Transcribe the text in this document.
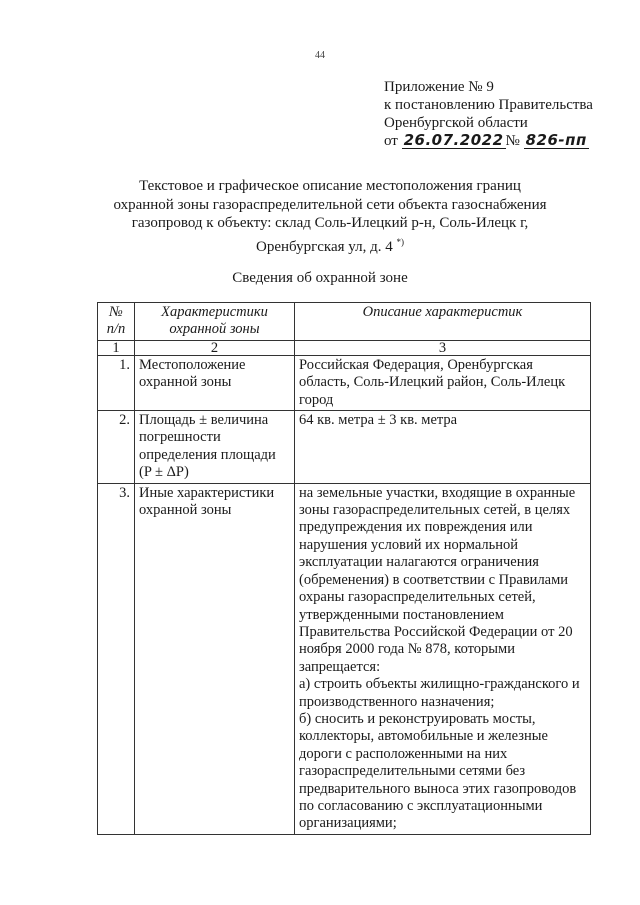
44
Приложение № 9
к постановлению Правительства
Оренбургской области
от 26.07.2022 № 826-пп
Текстовое и графическое описание местоположения границ
охранной зоны газораспределительной сети объекта газоснабжения
газопровод к объекту: склад Соль-Илецкий р-н, Соль-Илецк г,
Оренбургская ул, д. 4 *)
Сведения об охранной зоне
№ п/п	Характеристики охранной зоны	Описание характеристик
1	2	3
1.	Местоположение охранной зоны	Российская Федерация, Оренбургская область, Соль-Илецкий район, Соль-Илецк город
2.	Площадь ± величина погрешности определения площади (P ± ΔP)	64 кв. метра ± 3 кв. метра
3.	Иные характеристики охранной зоны	на земельные участки, входящие в охранные зоны газораспределительных сетей, в целях предупреждения их повреждения или нарушения условий их нормальной эксплуатации налагаются ограничения (обременения) в соответствии с Правилами охраны газораспределительных сетей, утвержденными постановлением Правительства Российской Федерации от 20 ноября 2000 года № 878, которыми запрещается:
а) строить объекты жилищно-гражданского и производственного назначения;
б) сносить и реконструировать мосты, коллекторы, автомобильные и железные дороги с расположенными на них газораспределительными сетями без предварительного выноса этих газопроводов по согласованию с эксплуатационными организациями;
